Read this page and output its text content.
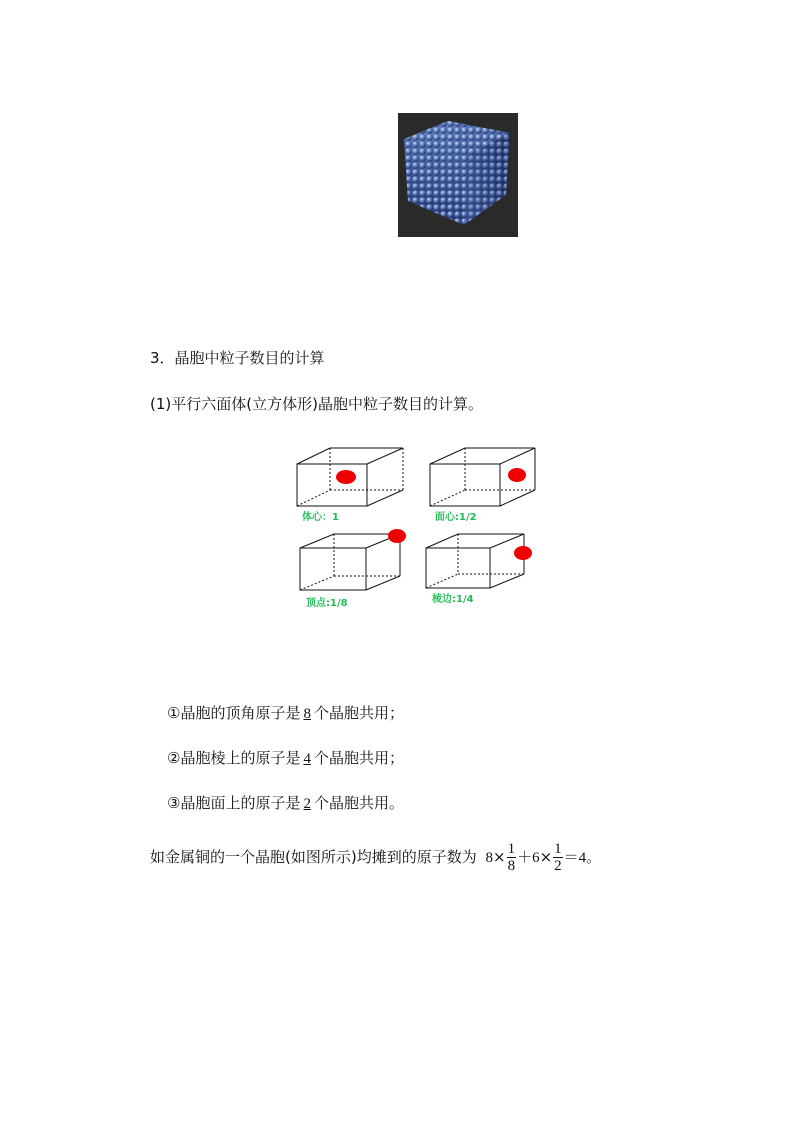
3．晶胞中粒子数目的计算
(1)平行六面体(立方体形)晶胞中粒子数目的计算。
体心：1	面心:1/2
顶点:1/8	棱边:1/4
①晶胞的顶角原子是 8 个晶胞共用；
②晶胞棱上的原子是 4 个晶胞共用；
③晶胞面上的原子是 2 个晶胞共用。
如金属铜的一个晶胞(如图所示)均摊到的原子数为 $8\times \frac{1}{8} +6\times \frac{1}{2} =4$。
